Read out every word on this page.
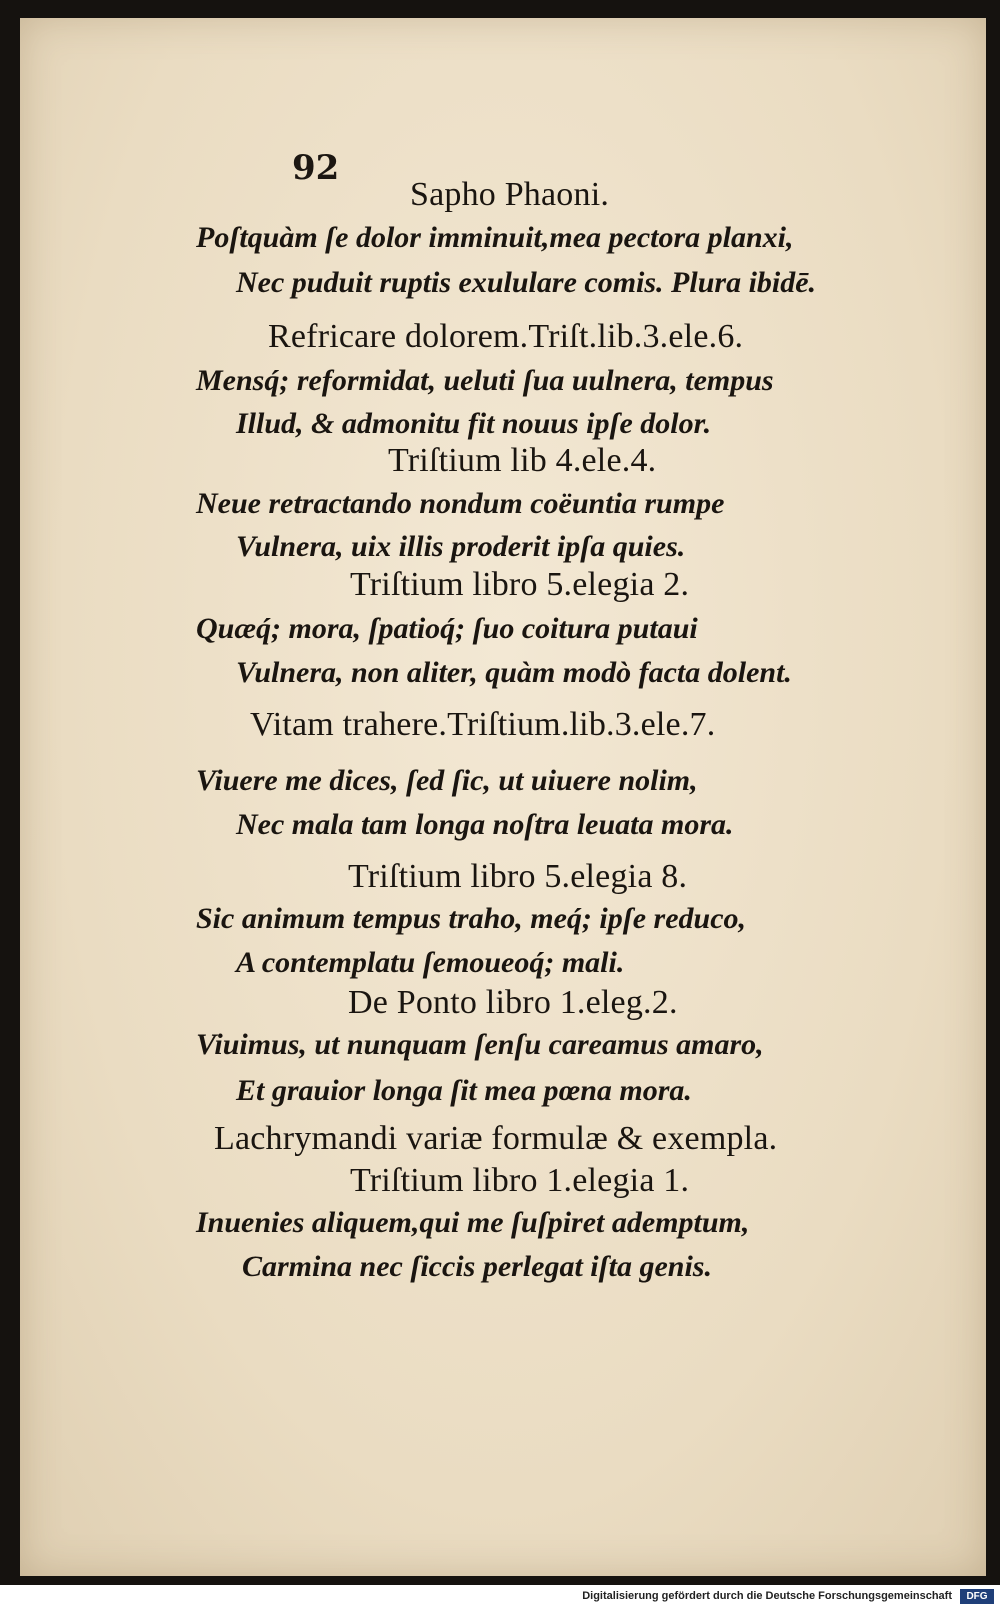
92
Sapho Phaoni.
Poſtquàm ſe dolor imminuit,mea pectora planxi,
Nec puduit ruptis exululare comis. Plura ibidē.
Refricare dolorem.Triſt.lib.3.ele.6.
Mensq́; reformidat, ueluti ſua uulnera, tempus
Illud, & admonitu fit nouus ipſe dolor.
Triſtium lib 4.ele.4.
Neue retractando nondum coëuntia rumpe
Vulnera, uix illis proderit ipſa quies.
Triſtium libro 5.elegia 2.
Quæq́; mora, ſpatioq́; ſuo coitura putaui
Vulnera, non aliter, quàm modò facta dolent.
Vitam trahere.Triſtium.lib.3.ele.7.
Viuere me dices, ſed ſic, ut uiuere nolim,
Nec mala tam longa noſtra leuata mora.
Triſtium libro 5.elegia 8.
Sic animum tempus traho, meq́; ipſe reduco,
A contemplatu ſemoueoq́; mali.
De Ponto libro 1.eleg.2.
Viuimus, ut nunquam ſenſu careamus amaro,
Et grauior longa ſit mea pœna mora.
Lachrymandi variæ formulæ & exempla.
Triſtium libro 1.elegia 1.
Inuenies aliquem,qui me ſuſpiret ademptum,
Carmina nec ſiccis perlegat iſta genis.
Digitalisierung gefördert durch die Deutsche Forschungsgemeinschaft	DFG
